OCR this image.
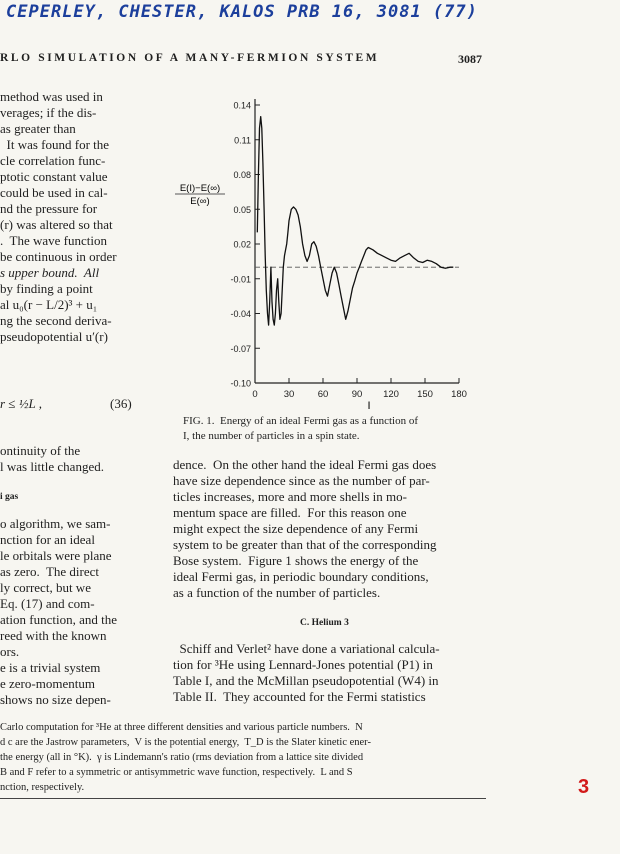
CEPERLEY, CHESTER, KALOS PRB 16, 3081 (77)
RLO SIMULATION OF A MANY-FERMION SYSTEM	3087
method was used in
verages; if the dis-
as greater than
It was found for the
cle correlation func-
ptotic constant value
could be used in cal-
nd the pressure for
(r) was altered so that
.  The wave function
be continuous in order
s upper bound.  All
by finding a point
al u₀(r − L/2)³ + u₁
ng the second deriva-
pseudopotential u′(r)
r ≤ ½L ,	(36)
ontinuity of the
l was little changed.
i gas
o algorithm, we sam-
nction for an ideal
le orbitals were plane
as zero.  The direct
ly correct, but we
Eq. (17) and com-
ation function, and the
reed with the known
ors.
e is a trivial system
e zero-momentum
shows no size depen-
E(I)−E(∞)
E(∞)
I
0.14
0.11
0.08
0.05
0.02
-0.01
-0.04
-0.07
-0.10
0	30 60 90 120 150 180
FIG. 1.  Energy of an ideal Fermi gas as a function of
I, the number of particles in a spin state.
dence.  On the other hand the ideal Fermi gas does
have size dependence since as the number of par-
ticles increases, more and more shells in mo-
mentum space are filled.  For this reason one
might expect the size dependence of any Fermi
system to be greater than that of the corresponding
Bose system.  Figure 1 shows the energy of the
ideal Fermi gas, in periodic boundary conditions,
as a function of the number of particles.
C. Helium 3
Schiff and Verlet² have done a variational calcula-
tion for ³He using Lennard-Jones potential (P1) in
Table I, and the McMillan pseudopotential (W4) in
Table II.  They accounted for the Fermi statistics
Carlo computation for ³He at three different densities and various particle numbers.  N
d c are the Jastrow parameters,  V is the potential energy,  T_D is the Slater kinetic ener-
the energy (all in °K).  γ is Lindemann's ratio (rms deviation from a lattice site divided
B and F refer to a symmetric or antisymmetric wave function, respectively.  L and S
nction, respectively.	3
